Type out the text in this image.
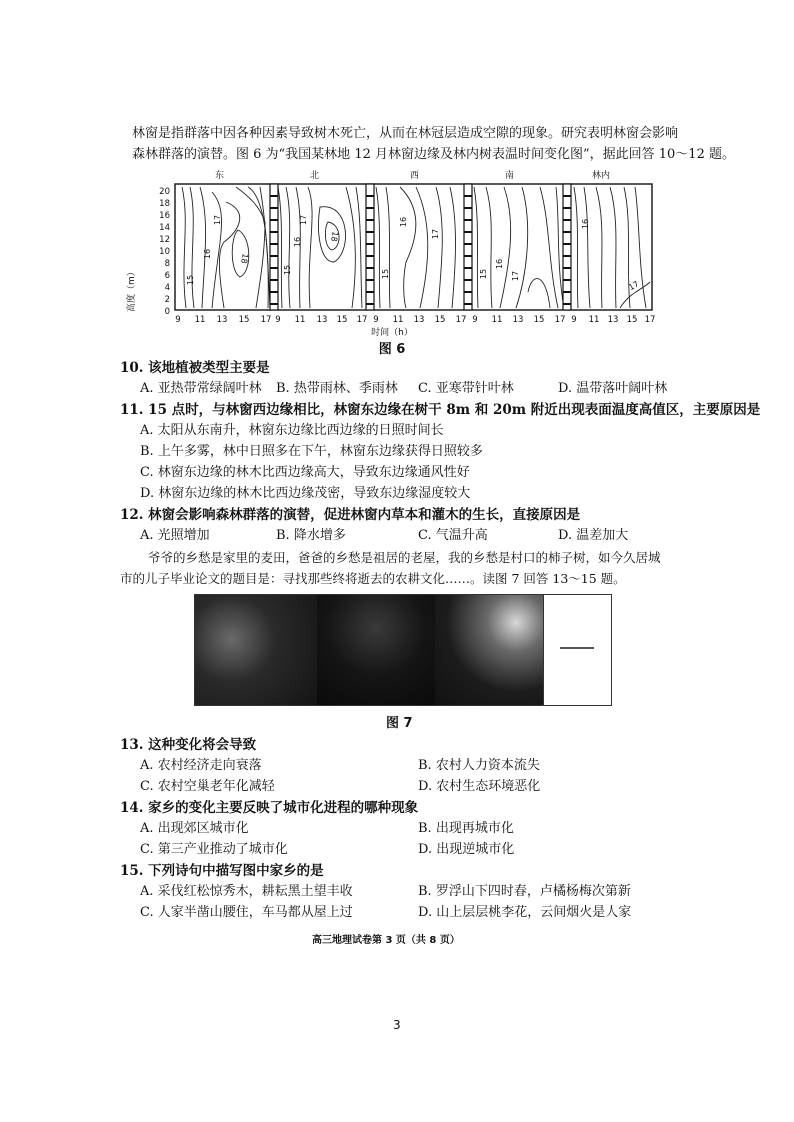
林窗是指群落中因各种因素导致树木死亡，从而在林冠层造成空隙的现象。研究表明林窗会影响
森林群落的演替。图 6 为“我国某林地 12 月林窗边缘及林内树表温时间变化图”，据此回答 10～12 题。
东	北	西	南	林内
高度（m）	0
2
4
6
8
10
12
14
16
18
20
15
16
17
18
15
16
17
18
15
16
17
15
16
17
16
17
9 11 13 15 17 9 11 13 15 17 9 11 13 15 17 9 11 13 15 17 9 11 13 15 17
时间（h）
图 6
10. 该地植被类型主要是
A. 亚热带常绿阔叶林 B. 热带雨林、季雨林 C. 亚寒带针叶林	D. 温带落叶阔叶林
11. 15 点时，与林窗西边缘相比，林窗东边缘在树干 8m 和 20m 附近出现表面温度高值区，主要原因是
A. 太阳从东南升，林窗东边缘比西边缘的日照时间长
B. 上午多雾，林中日照多在下午，林窗东边缘获得日照较多
C. 林窗东边缘的林木比西边缘高大，导致东边缘通风性好
D. 林窗东边缘的林木比西边缘茂密，导致东边缘湿度较大
12. 林窗会影响森林群落的演替，促进林窗内草本和灌木的生长，直接原因是
A. 光照增加	B. 降水增多	C. 气温升高	D. 温差加大
爷爷的乡愁是家里的麦田，爸爸的乡愁是祖居的老屋，我的乡愁是村口的柿子树，如今久居城
市的儿子毕业论文的题目是：寻找那些终将逝去的农耕文化……。读图 7 回答 13～15 题。
图 7
13. 这种变化将会导致
A. 农村经济走向衰落	B. 农村人力资本流失
C. 农村空巢老年化减轻	D. 农村生态环境恶化
14. 家乡的变化主要反映了城市化进程的哪种现象
A. 出现郊区城市化	B. 出现再城市化
C. 第三产业推动了城市化	D. 出现逆城市化
15. 下列诗句中描写图中家乡的是
A. 采伐红松惊秀木，耕耘黑土望丰收	B. 罗浮山下四时春，卢橘杨梅次第新
C. 人家半凿山腰住，车马都从屋上过	D. 山上层层桃李花，云间烟火是人家
高三地理试卷第 3 页（共 8 页）
3
